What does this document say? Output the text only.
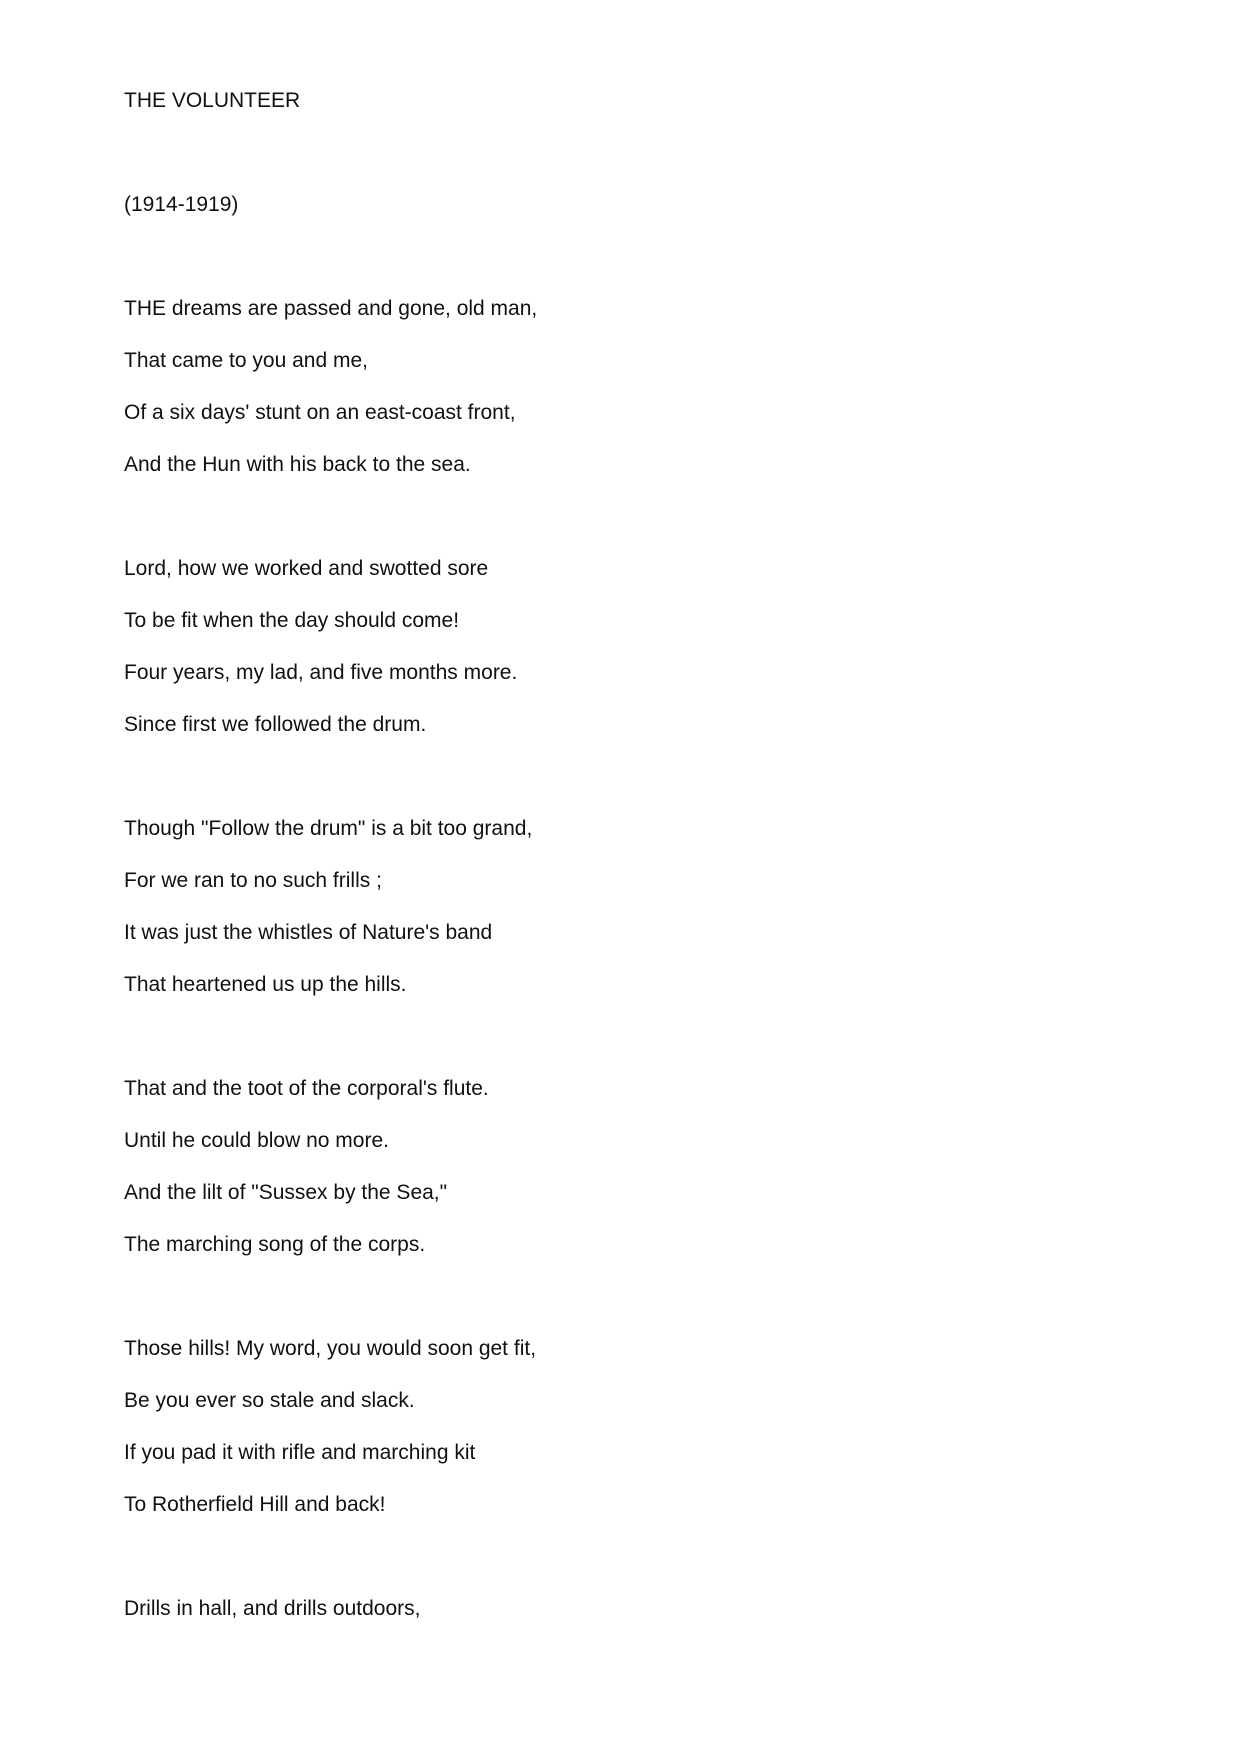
THE VOLUNTEER
(1914-1919)
THE dreams are passed and gone, old man,
That came to you and me,
Of a six days' stunt on an east-coast front,
And the Hun with his back to the sea.
Lord, how we worked and swotted sore
To be fit when the day should come!
Four years, my lad, and five months more.
Since first we followed the drum.
Though "Follow the drum" is a bit too grand,
For we ran to no such frills ;
It was just the whistles of Nature's band
That heartened us up the hills.
That and the toot of the corporal's flute.
Until he could blow no more.
And the lilt of "Sussex by the Sea,"
The marching song of the corps.
Those hills! My word, you would soon get fit,
Be you ever so stale and slack.
If you pad it with rifle and marching kit
To Rotherfield Hill and back!
Drills in hall, and drills outdoors,
